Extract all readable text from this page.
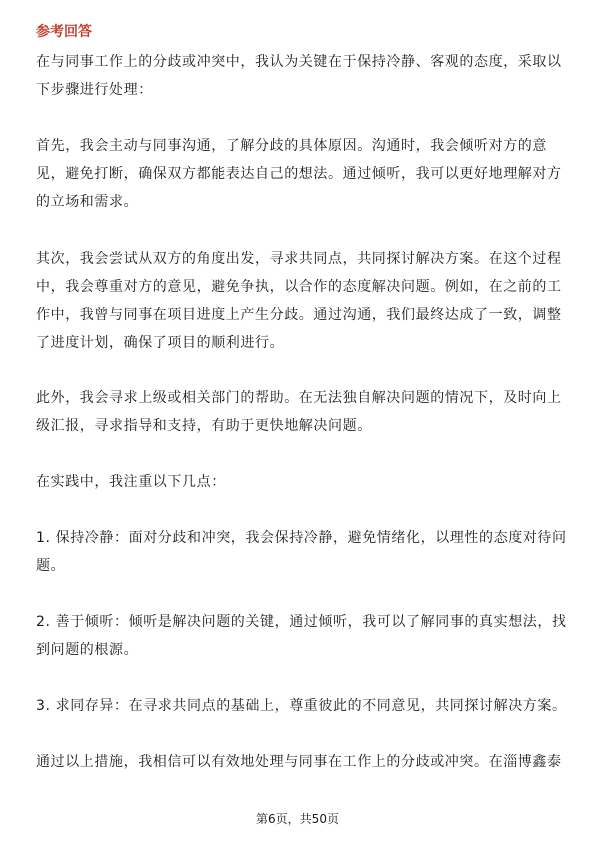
参考回答
在与同事工作上的分歧或冲突中，我认为关键在于保持冷静、客观的态度，采取以
下步骤进行处理：
首先，我会主动与同事沟通，了解分歧的具体原因。沟通时，我会倾听对方的意
见，避免打断，确保双方都能表达自己的想法。通过倾听，我可以更好地理解对方
的立场和需求。
其次，我会尝试从双方的角度出发，寻求共同点，共同探讨解决方案。在这个过程
中，我会尊重对方的意见，避免争执，以合作的态度解决问题。例如，在之前的工
作中，我曾与同事在项目进度上产生分歧。通过沟通，我们最终达成了一致，调整
了进度计划，确保了项目的顺利进行。
此外，我会寻求上级或相关部门的帮助。在无法独自解决问题的情况下，及时向上
级汇报，寻求指导和支持，有助于更快地解决问题。
在实践中，我注重以下几点：
1. 保持冷静：面对分歧和冲突，我会保持冷静，避免情绪化，以理性的态度对待问
题。
2. 善于倾听：倾听是解决问题的关键，通过倾听，我可以了解同事的真实想法，找
到问题的根源。
3. 求同存异：在寻求共同点的基础上，尊重彼此的不同意见，共同探讨解决方案。
通过以上措施，我相信可以有效地处理与同事在工作上的分歧或冲突。在淄博鑫泰
第6页，共50页
